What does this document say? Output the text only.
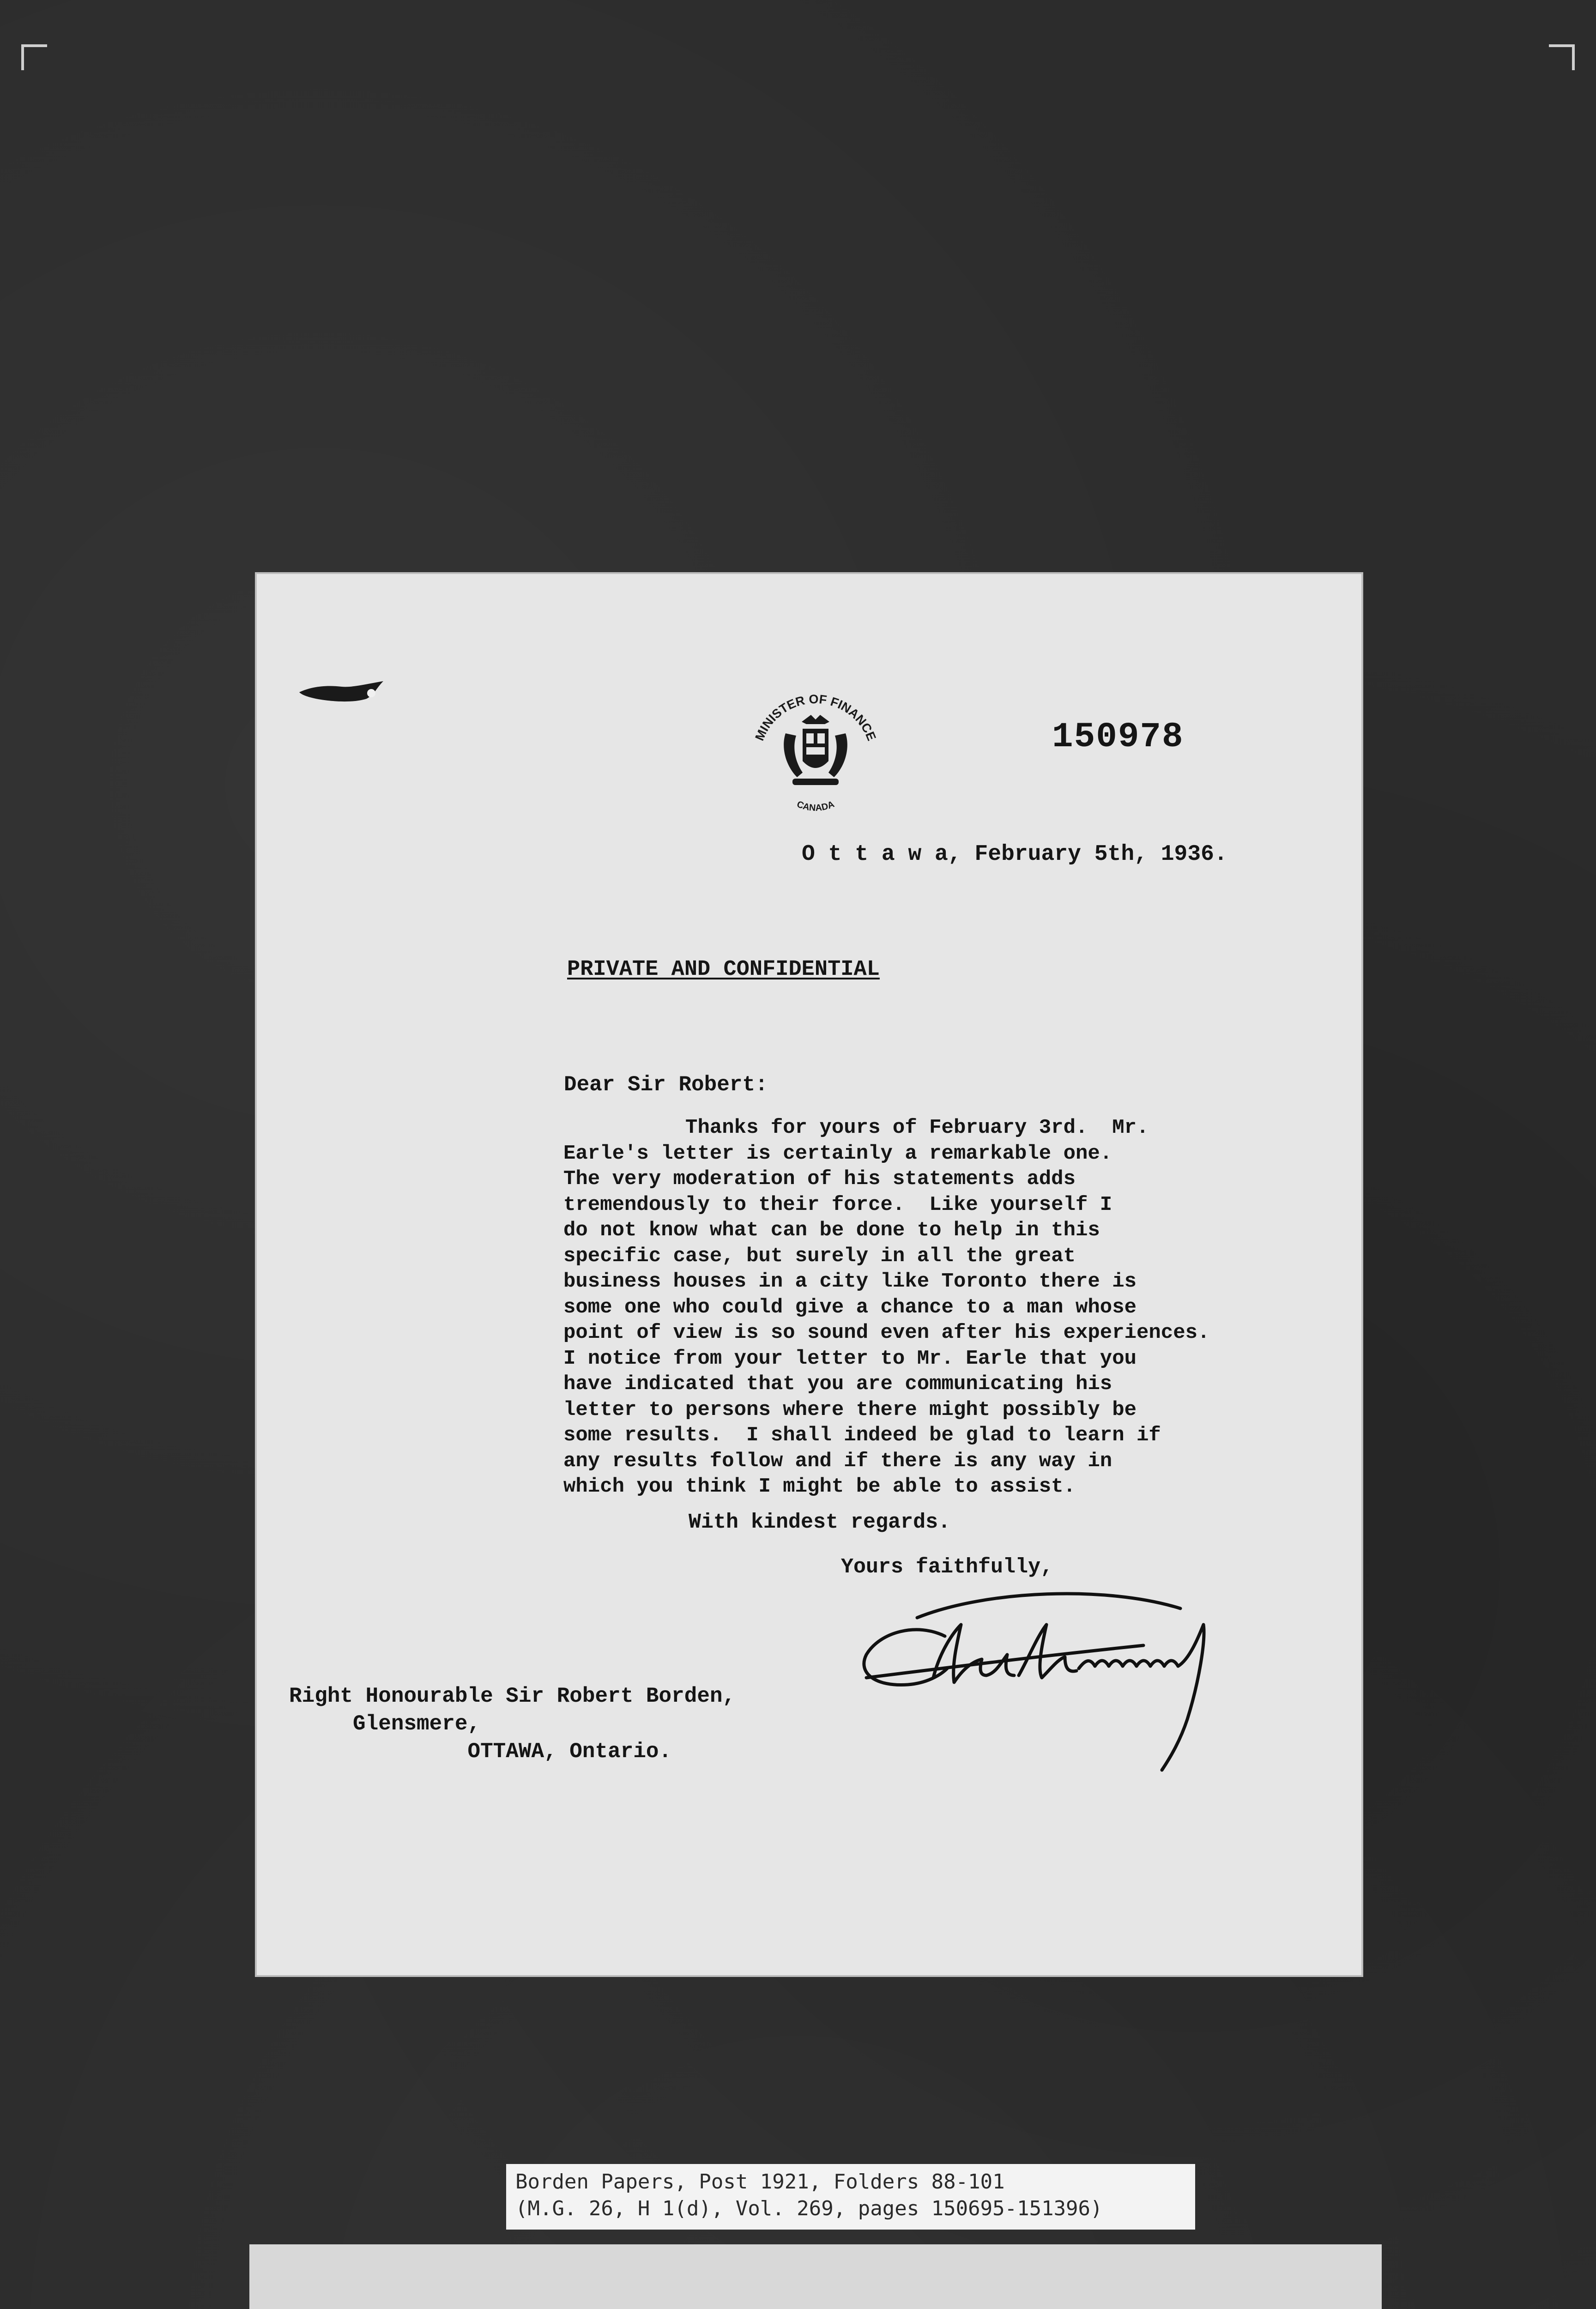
MINISTER OF FINANCE
CANADA
150978
O t t a w a, February 5th, 1936.
PRIVATE AND CONFIDENTIAL
Dear Sir Robert:
Thanks for yours of February 3rd.  Mr.
Earle's letter is certainly a remarkable one.
The very moderation of his statements adds
tremendously to their force.  Like yourself I
do not know what can be done to help in this
specific case, but surely in all the great
business houses in a city like Toronto there is
some one who could give a chance to a man whose
point of view is so sound even after his experiences.
I notice from your letter to Mr. Earle that you
have indicated that you are communicating his
letter to persons where there might possibly be
some results.  I shall indeed be glad to learn if
any results follow and if there is any way in
which you think I might be able to assist.
With kindest regards.
Yours faithfully,
Right Honourable Sir Robert Borden,
Glensmere,
OTTAWA, Ontario.
Borden Papers, Post 1921, Folders 88-101
(M.G. 26, H 1(d), Vol. 269, pages 150695-151396)
